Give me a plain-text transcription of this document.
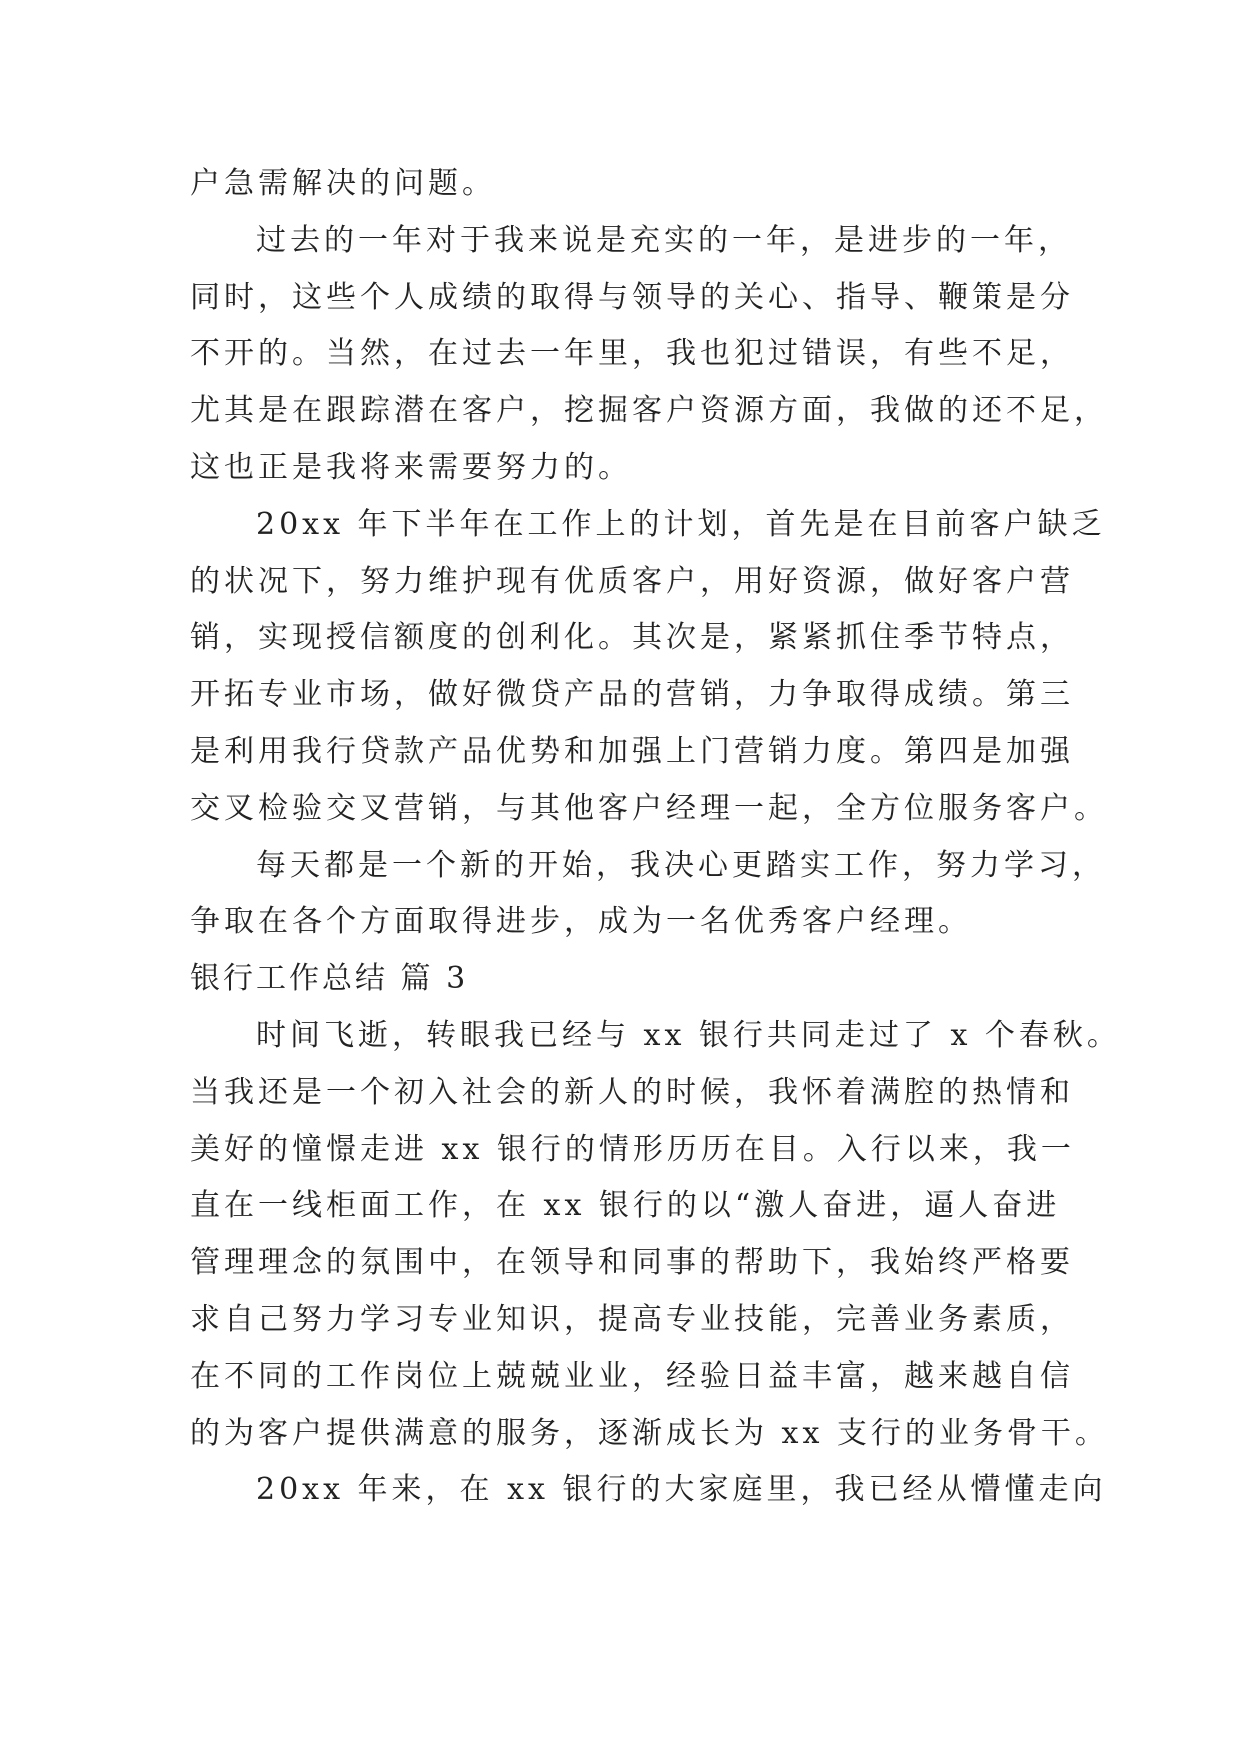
户急需解决的问题。
过去的一年对于我来说是充实的一年，是进步的一年，
同时，这些个人成绩的取得与领导的关心、指导、鞭策是分
不开的。当然，在过去一年里，我也犯过错误，有些不足，
尤其是在跟踪潜在客户，挖掘客户资源方面，我做的还不足，
这也正是我将来需要努力的。
20xx 年下半年在工作上的计划，首先是在目前客户缺乏
的状况下，努力维护现有优质客户，用好资源，做好客户营
销，实现授信额度的创利化。其次是，紧紧抓住季节特点，
开拓专业市场，做好微贷产品的营销，力争取得成绩。第三
是利用我行贷款产品优势和加强上门营销力度。第四是加强
交叉检验交叉营销，与其他客户经理一起，全方位服务客户。
每天都是一个新的开始，我决心更踏实工作，努力学习，
争取在各个方面取得进步，成为一名优秀客户经理。
银行工作总结 篇 3
时间飞逝，转眼我已经与 xx 银行共同走过了 x 个春秋。
当我还是一个初入社会的新人的时候，我怀着满腔的热情和
美好的憧憬走进 xx 银行的情形历历在目。入行以来，我一
直在一线柜面工作，在 xx 银行的以“激人奋进，逼人奋进
管理理念的氛围中，在领导和同事的帮助下，我始终严格要
求自己努力学习专业知识，提高专业技能，完善业务素质，
在不同的工作岗位上兢兢业业，经验日益丰富，越来越自信
的为客户提供满意的服务，逐渐成长为 xx 支行的业务骨干。
20xx 年来，在 xx 银行的大家庭里，我已经从懵懂走向
